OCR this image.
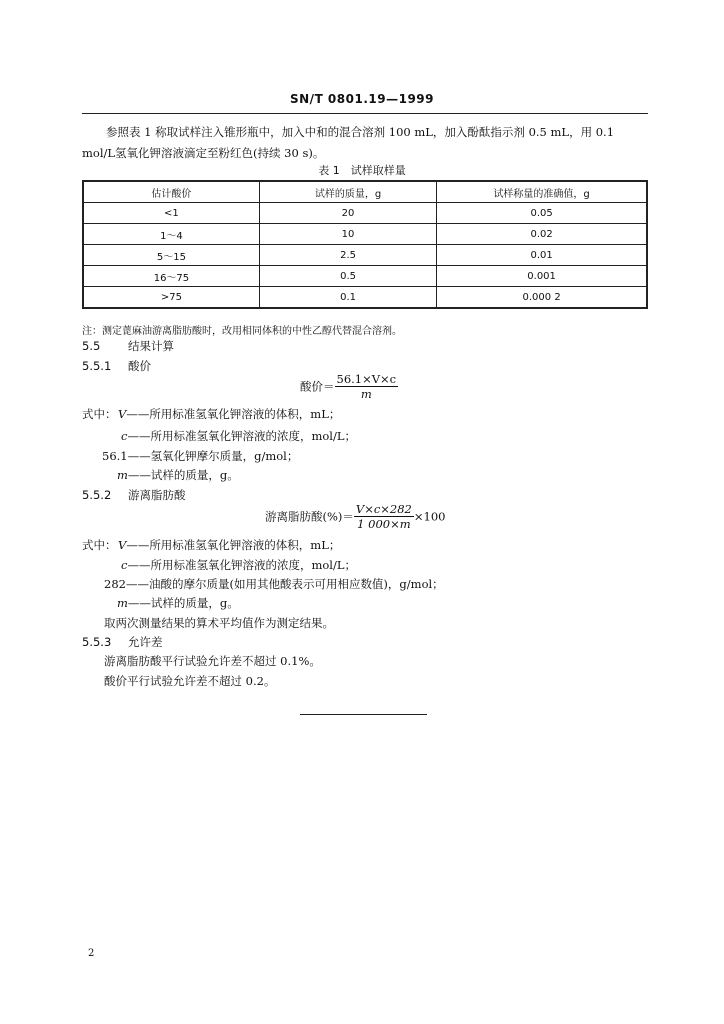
SN/T 0801.19—1999
参照表 1 称取试样注入锥形瓶中，加入中和的混合溶剂 100 mL，加入酚酞指示剂 0.5 mL，用 0.1 mol/L氢氧化钾溶液滴定至粉红色(持续 30 s)。
表 1　试样取样量
估计酸价	试样的质量，g	试样称量的准确值，g
<1	20	0.05
1～4	10	0.02
5～15	2.5	0.01
16～75	0.5	0.001
>75	0.1	0.000 2
注：测定蓖麻油游离脂肪酸时，改用相同体积的中性乙醇代替混合溶剂。
5.5 结果计算
5.5.1 酸价
酸价＝ $\frac{56.1\times V\times c}{m}$
式中： V——所用标准氢氧化钾溶液的体积，mL；
c——所用标准氢氧化钾溶液的浓度，mol/L；
56.1——氢氧化钾摩尔质量，g/mol；
m——试样的质量，g。
5.5.2 游离脂肪酸
游离脂肪酸(%)＝ $\frac{V\times c\times 282}{1 000\times m} \times 100$
式中： V——所用标准氢氧化钾溶液的体积，mL；
c——所用标准氢氧化钾溶液的浓度，mol/L；
282——油酸的摩尔质量(如用其他酸表示可用相应数值)，g/mol；
m——试样的质量，g。
取两次测量结果的算术平均值作为测定结果。
5.5.3 允许差
游离脂肪酸平行试验允许差不超过 0.1%。
酸价平行试验允许差不超过 0.2。
2
